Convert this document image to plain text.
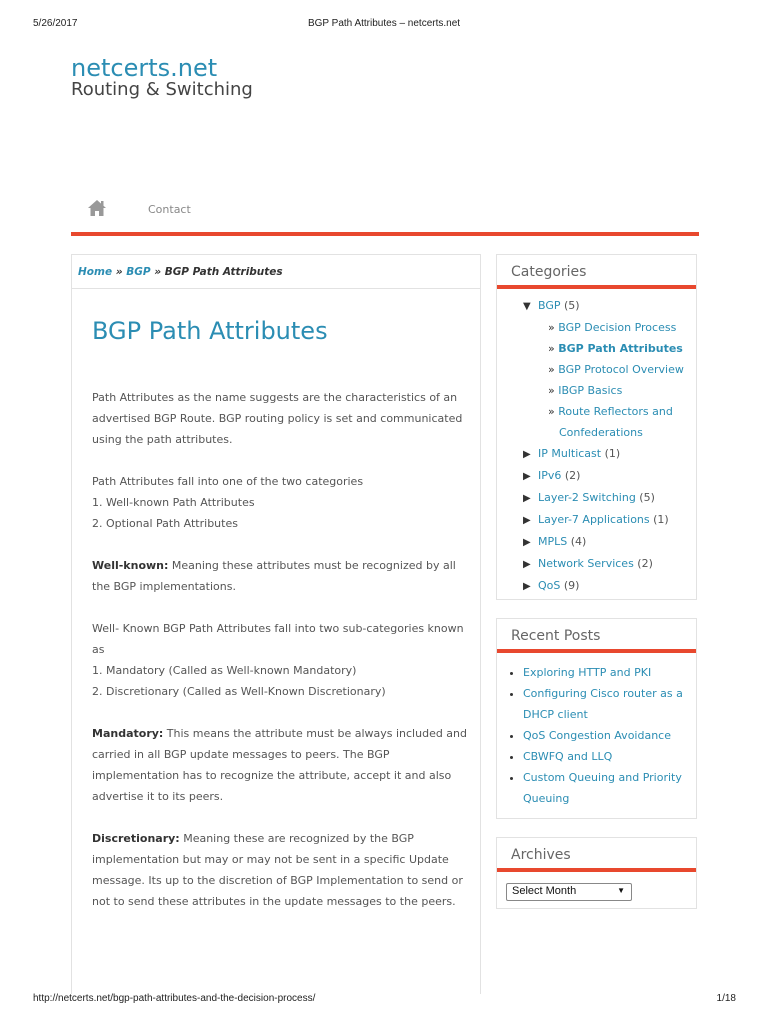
5/26/2017	BGP Path Attributes – netcerts.net
netcerts.net
Routing & Switching
Contact
Home » BGP » BGP Path Attributes
BGP Path Attributes

Path Attributes as the name suggests are the characteristics of an advertised BGP Route. BGP routing policy is set and communicated using the path attributes.

Path Attributes fall into one of the two categories
1. Well-known Path Attributes
2. Optional Path Attributes

Well-known: Meaning these attributes must be recognized by all the BGP implementations.

Well- Known BGP Path Attributes fall into two sub-categories known as
1. Mandatory (Called as Well-known Mandatory)
2. Discretionary (Called as Well-Known Discretionary)

Mandatory: This means the attribute must be always included and carried in all BGP update messages to peers. The BGP implementation has to recognize the attribute, accept it and also advertise it to its peers.

Discretionary: Meaning these are recognized by the BGP implementation but may or may not be sent in a specific Update message. Its up to the discretion of BGP Implementation to send or not to send these attributes in the update messages to the peers.

Categories
▼ BGP (5)
» BGP Decision Process
» BGP Path Attributes
» BGP Protocol Overview
» IBGP Basics
» Route Reflectors and Confederations
▶ IP Multicast (1)
▶ IPv6 (2)
▶ Layer-2 Switching (5)
▶ Layer-7 Applications (1)
▶ MPLS (4)
▶ Network Services (2)
▶ QoS (9)
Recent Posts
• Exploring HTTP and PKI
• Configuring Cisco router as a DHCP client
• QoS Congestion Avoidance
• CBWFQ and LLQ
• Custom Queuing and Priority Queuing
Archives
Select Month	▼
http://netcerts.net/bgp-path-attributes-and-the-decision-process/	1/18
